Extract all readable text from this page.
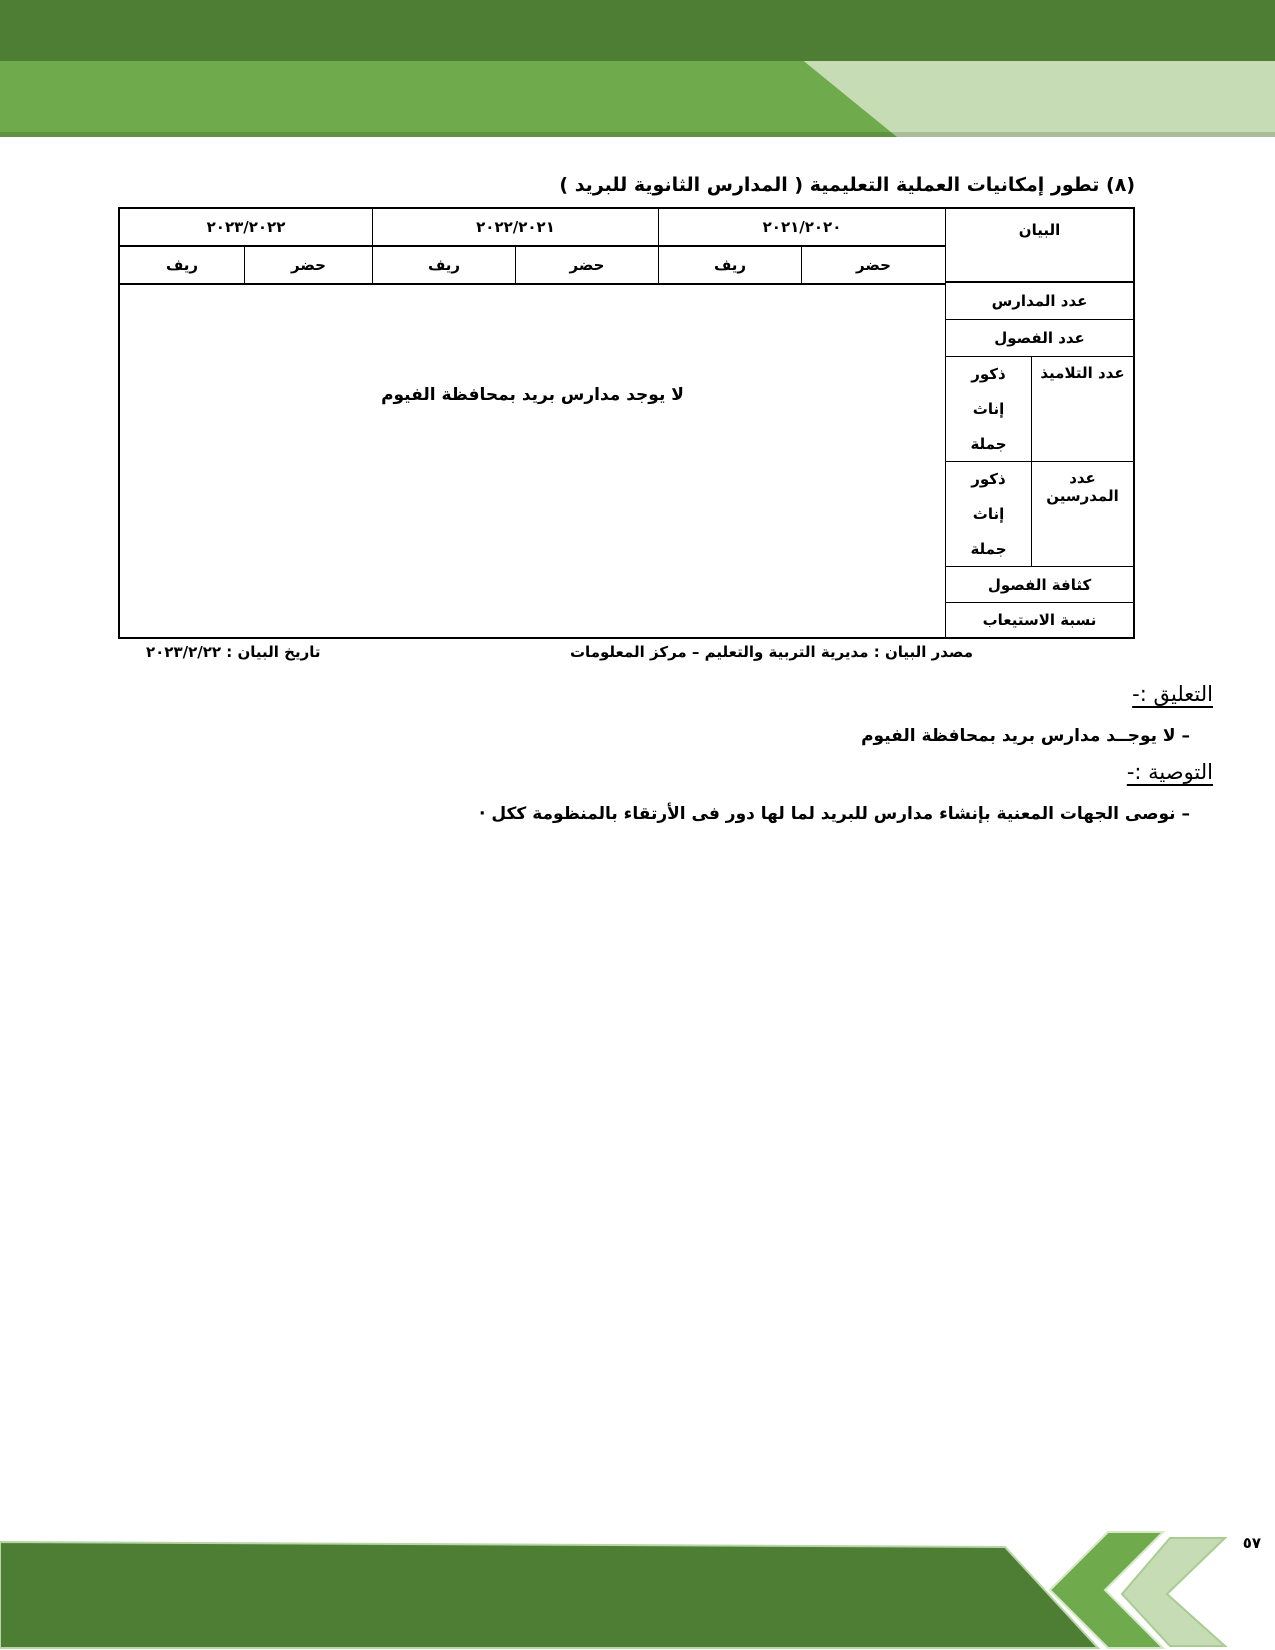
(٨) تطور إمكانيات العملية التعليمية ( المدارس الثانوية للبريد )
البيان
عدد المدارس
عدد الفصول
عدد التلاميذ
ذكور
إناث
جملة
عدد المدرسين
ذكور
إناث
جملة
كثافة الفصول
نسبة الاستيعاب
٢٠٢١/٢٠٢٠
٢٠٢٢/٢٠٢١
٢٠٢٣/٢٠٢٢
حضر
ريف
حضر
ريف
حضر
ريف
لا يوجد مدارس بريد بمحافظة الفيوم
مصدر البيان : مديرية التربية والتعليم – مركز المعلومات
تاريخ البيان : ٢٠٢٣/٢/٢٢
التعليق :-
– لا يوجــد مدارس بريد بمحافظة الفيوم
التوصية :-
– نوصى الجهات المعنية بإنشاء مدارس للبريد لما لها دور فى الأرتقاء بالمنظومة ككل ·
٥٧
